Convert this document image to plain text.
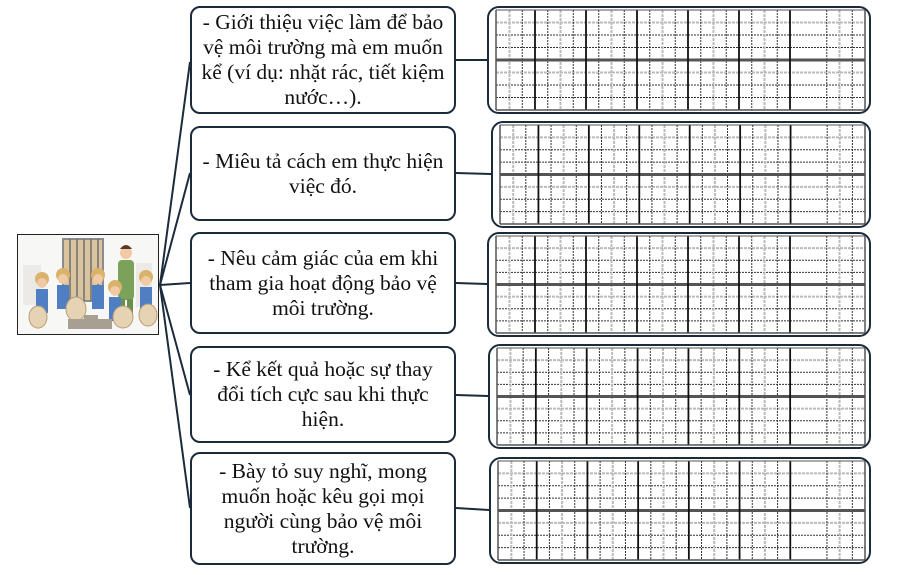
- Giới thiệu việc làm để bảo vệ môi trường mà em muốn kể (ví dụ: nhặt rác, tiết kiệm nước…).
- Miêu tả cách em thực hiện việc đó.
- Nêu cảm giác của em khi tham gia hoạt động bảo vệ môi trường.
- Kể kết quả hoặc sự thay đổi tích cực sau khi thực hiện.
- Bày tỏ suy nghĩ, mong muốn hoặc kêu gọi mọi người cùng bảo vệ môi trường.
